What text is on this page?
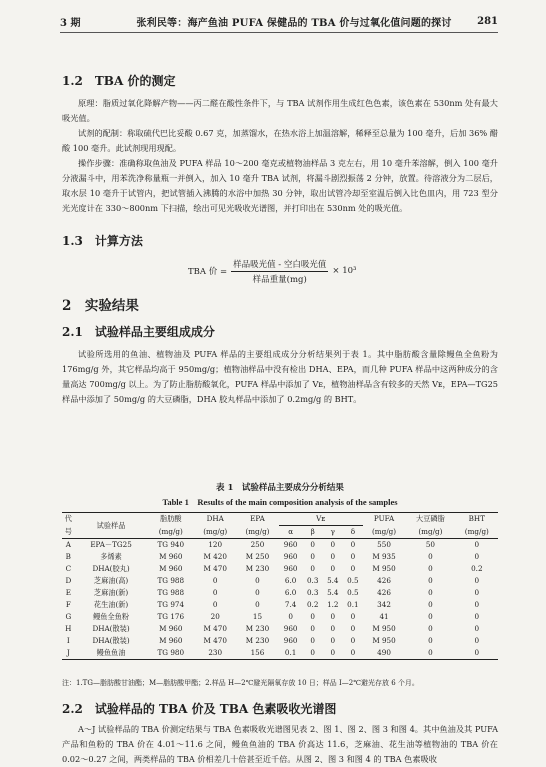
3 期	张利民等：海产鱼油 PUFA 保健品的 TBA 价与过氧化值问题的探讨	281
1.2　TBA 价的测定

原理：脂质过氧化降解产物——丙二醛在酸性条件下，与 TBA 试剂作用生成红色色素，该色素在 530nm 处有最大吸光值。

试剂的配制：称取硫代巴比妥酸 0.67 克，加蒸馏水，在热水浴上加温溶解，稀释至总量为 100 毫升，后加 36% 醋酸 100 毫升。此试剂现用现配。

操作步骤：准确称取鱼油及 PUFA 样品 10～200 毫克或植物油样品 3 克左右，用 10 毫升苯溶解，倒入 100 毫升分液漏斗中，用苯洗净称量瓶一并倒入，加入 10 毫升 TBA 试剂，将漏斗剧烈振荡 2 分钟，放置。待溶液分为二层后，取水层 10 毫升于试管内，把试管插入沸腾的水浴中加热 30 分钟，取出试管冷却至室温后倒入比色皿内，用 723 型分光光度计在 330～800nm 下扫描，绘出可见光吸收光谱图，并打印出在 530nm 处的吸光值。

1.3　计算方法
TBA 价 = $\frac{\text{样品吸光值 - 空白吸光值}}{\text{样品重量(mg)}} \times 10^3$
2　实验结果
2.1　试验样品主要组成成分

试验所选用的鱼油、植物油及 PUFA 样品的主要组成成分分析结果列于表 1。其中脂肪酸含量除鳗鱼全鱼粉为 176mg/g 外，其它样品均高于 950mg/g；植物油样品中没有检出 DHA、EPA，而几种 PUFA 样品中这两种成分的含量高达 700mg/g 以上。为了防止脂肪酸氧化，PUFA 样品中添加了 Vᴇ，植物油样品含有较多的天然 Vᴇ，EPA—TG25 样品中添加了 50mg/g 的大豆磷脂，DHA 胶丸样品中添加了 0.2mg/g 的 BHT。

表 1　试验样品主要成分分析结果
Table 1　Results of the main composition analysis of the samples
代	试验样品	脂肪酸	DHA	EPA	Vᴇ				PUFA	大豆磷脂	BHT
号		(mg/g)	(mg/g)	(mg/g)	α	β	γ	δ	(mg/g)	(mg/g)	(mg/g)
A	EPA－TG25	TG 940	120	250	960	0	0	0	550	50	0
B	多烯素	M 960	M 420	M 250	960	0	0	0	M 935	0	0
C	DHA(胶丸)	M 960	M 470	M 230	960	0	0	0	M 950	0	0.2
D	芝麻油(高)	TG 988	0	0	6.0	0.3	5.4	0.5	426	0	0
E	芝麻油(新)	TG 988	0	0	6.0	0.3	5.4	0.5	426	0	0
F	花生油(新)	TG 974	0	0	7.4	0.2	1.2	0.1	342	0	0
G	鳗鱼全鱼粉	TG 176	20	15	0	0	0	0	41	0	0
H	DHA(散装)	M 960	M 470	M 230	960	0	0	0	M 950	0	0
I	DHA(散装)	M 960	M 470	M 230	960	0	0	0	M 950	0	0
J	鳗鱼鱼油	TG 980	230	156	0.1	0	0	0	490	0	0
注：1.TG—脂肪酸甘油酯；M—脂肪酸甲酯；2.样品 H—2℃避光隔氧存放 10 日；样品 I—2℃避光存放 6 个月。
2.2　试验样品的 TBA 价及 TBA 色素吸收光谱图

A～J 试验样品的 TBA 价测定结果与 TBA 色素吸收光谱图见表 2、图 1、图 2、图 3 和图 4。其中鱼油及其 PUFA 产品和鱼粉的 TBA 价在 4.01～11.6 之间，鳗鱼鱼油的 TBA 价高达 11.6，芝麻油、花生油等植物油的 TBA 价在 0.02～0.27 之间，两类样品的 TBA 价相差几十倍甚至近千倍。从图 2、图 3 和图 4 的 TBA 色素吸收
